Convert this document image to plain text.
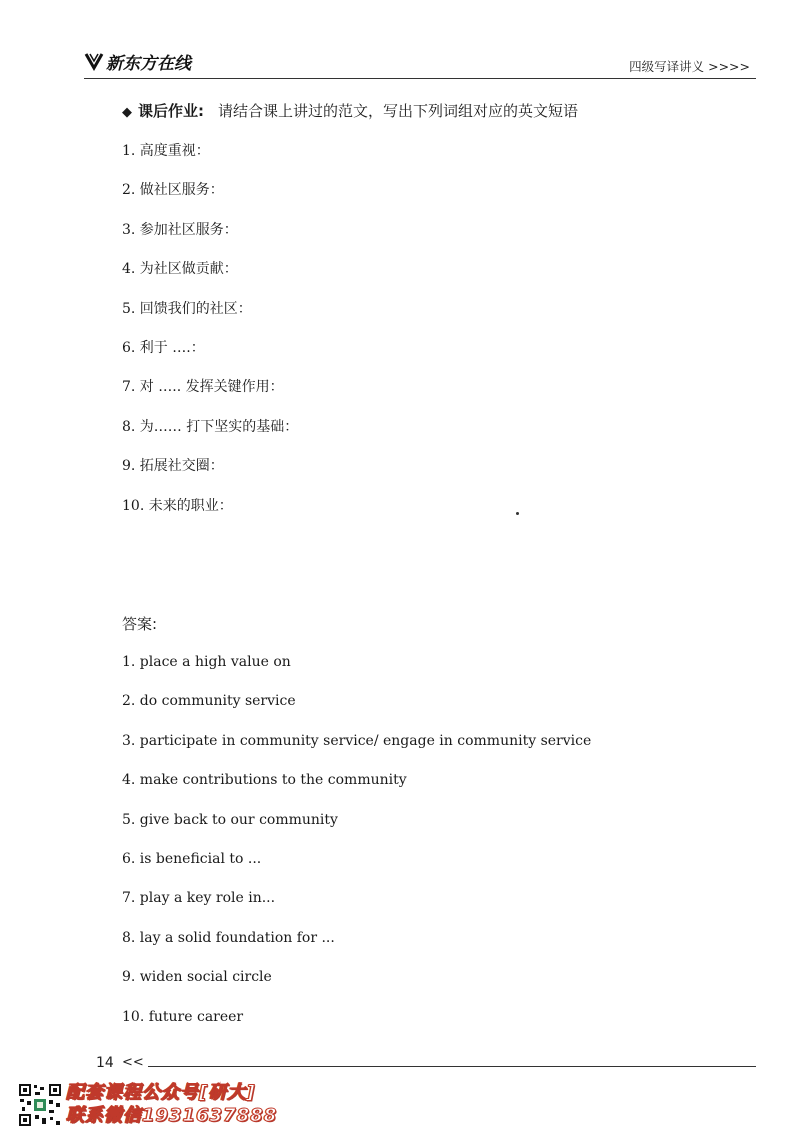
新东方在线	四级写译讲义 >>>>
◆ 课后作业: 请结合课上讲过的范文，写出下列词组对应的英文短语
1. 高度重视：
2. 做社区服务：
3. 参加社区服务：
4. 为社区做贡献：
5. 回馈我们的社区：
6. 利于 ….：
7. 对 ….. 发挥关键作用：
8. 为…… 打下坚实的基础：
9. 拓展社交圈：
10. 未来的职业：
答案:
1. place a high value on
2. do community service
3. participate in community service/ engage in community service
4. make contributions to the community
5. give back to our community
6. is beneficial to ...
7. play a key role in...
8. lay a solid foundation for ...
9. widen social circle
10. future career
14 <<
配套课程公众号[研大]
联系微信1931637888
